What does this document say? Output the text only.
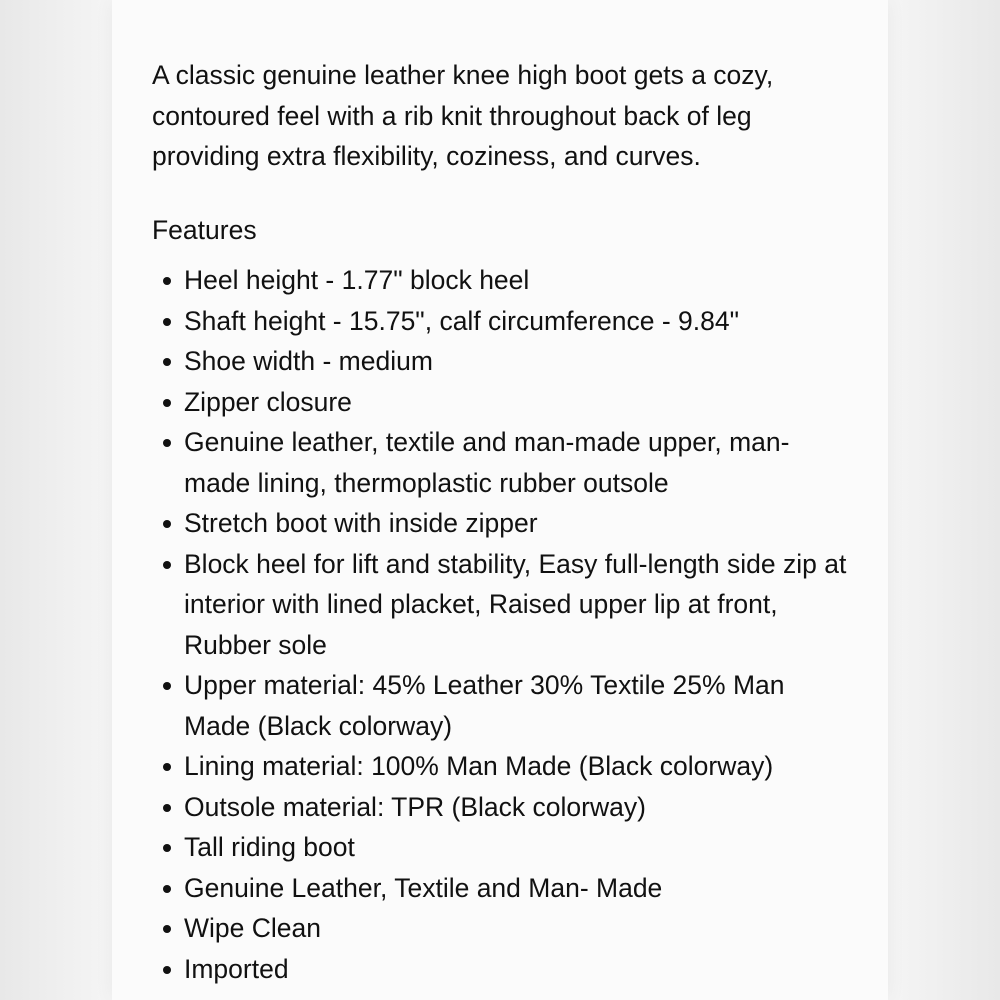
A classic genuine leather knee high boot gets a cozy, contoured feel with a rib knit throughout back of leg providing extra flexibility, coziness, and curves.

Features
Heel height - 1.77" block heel
Shaft height - 15.75", calf circumference - 9.84"
Shoe width - medium
Zipper closure
Genuine leather, textile and man-made upper, man-made lining, thermoplastic rubber outsole
Stretch boot with inside zipper
Block heel for lift and stability, Easy full-length side zip at interior with lined placket, Raised upper lip at front, Rubber sole
Upper material: 45% Leather 30% Textile 25% Man Made (Black colorway)
Lining material: 100% Man Made (Black colorway)
Outsole material: TPR (Black colorway)
Tall riding boot
Genuine Leather, Textile and Man- Made
Wipe Clean
Imported
